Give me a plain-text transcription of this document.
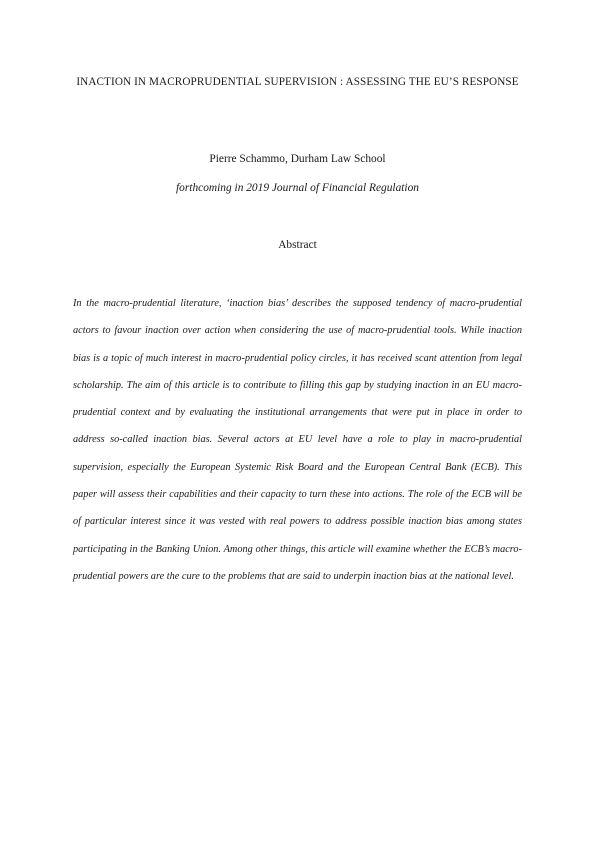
INACTION IN MACROPRUDENTIAL SUPERVISION : ASSESSING THE EU’S RESPONSE
Pierre Schammo, Durham Law School
forthcoming in 2019 Journal of Financial Regulation
Abstract

In the macro-prudential literature, ‘inaction bias’ describes the supposed tendency of macro-prudential actors to favour inaction over action when considering the use of macro-prudential tools. While inaction bias is a topic of much interest in macro-prudential policy circles, it has received scant attention from legal scholarship. The aim of this article is to contribute to filling this gap by studying inaction in an EU macro-prudential context and by evaluating the institutional arrangements that were put in place in order to address so-called inaction bias. Several actors at EU level have a role to play in macro-prudential supervision, especially the European Systemic Risk Board and the European Central Bank (ECB). This paper will assess their capabilities and their capacity to turn these into actions. The role of the ECB will be of particular interest since it was vested with real powers to address possible inaction bias among states participating in the Banking Union. Among other things, this article will examine whether the ECB’s macro-prudential powers are the cure to the problems that are said to underpin inaction bias at the national level.
